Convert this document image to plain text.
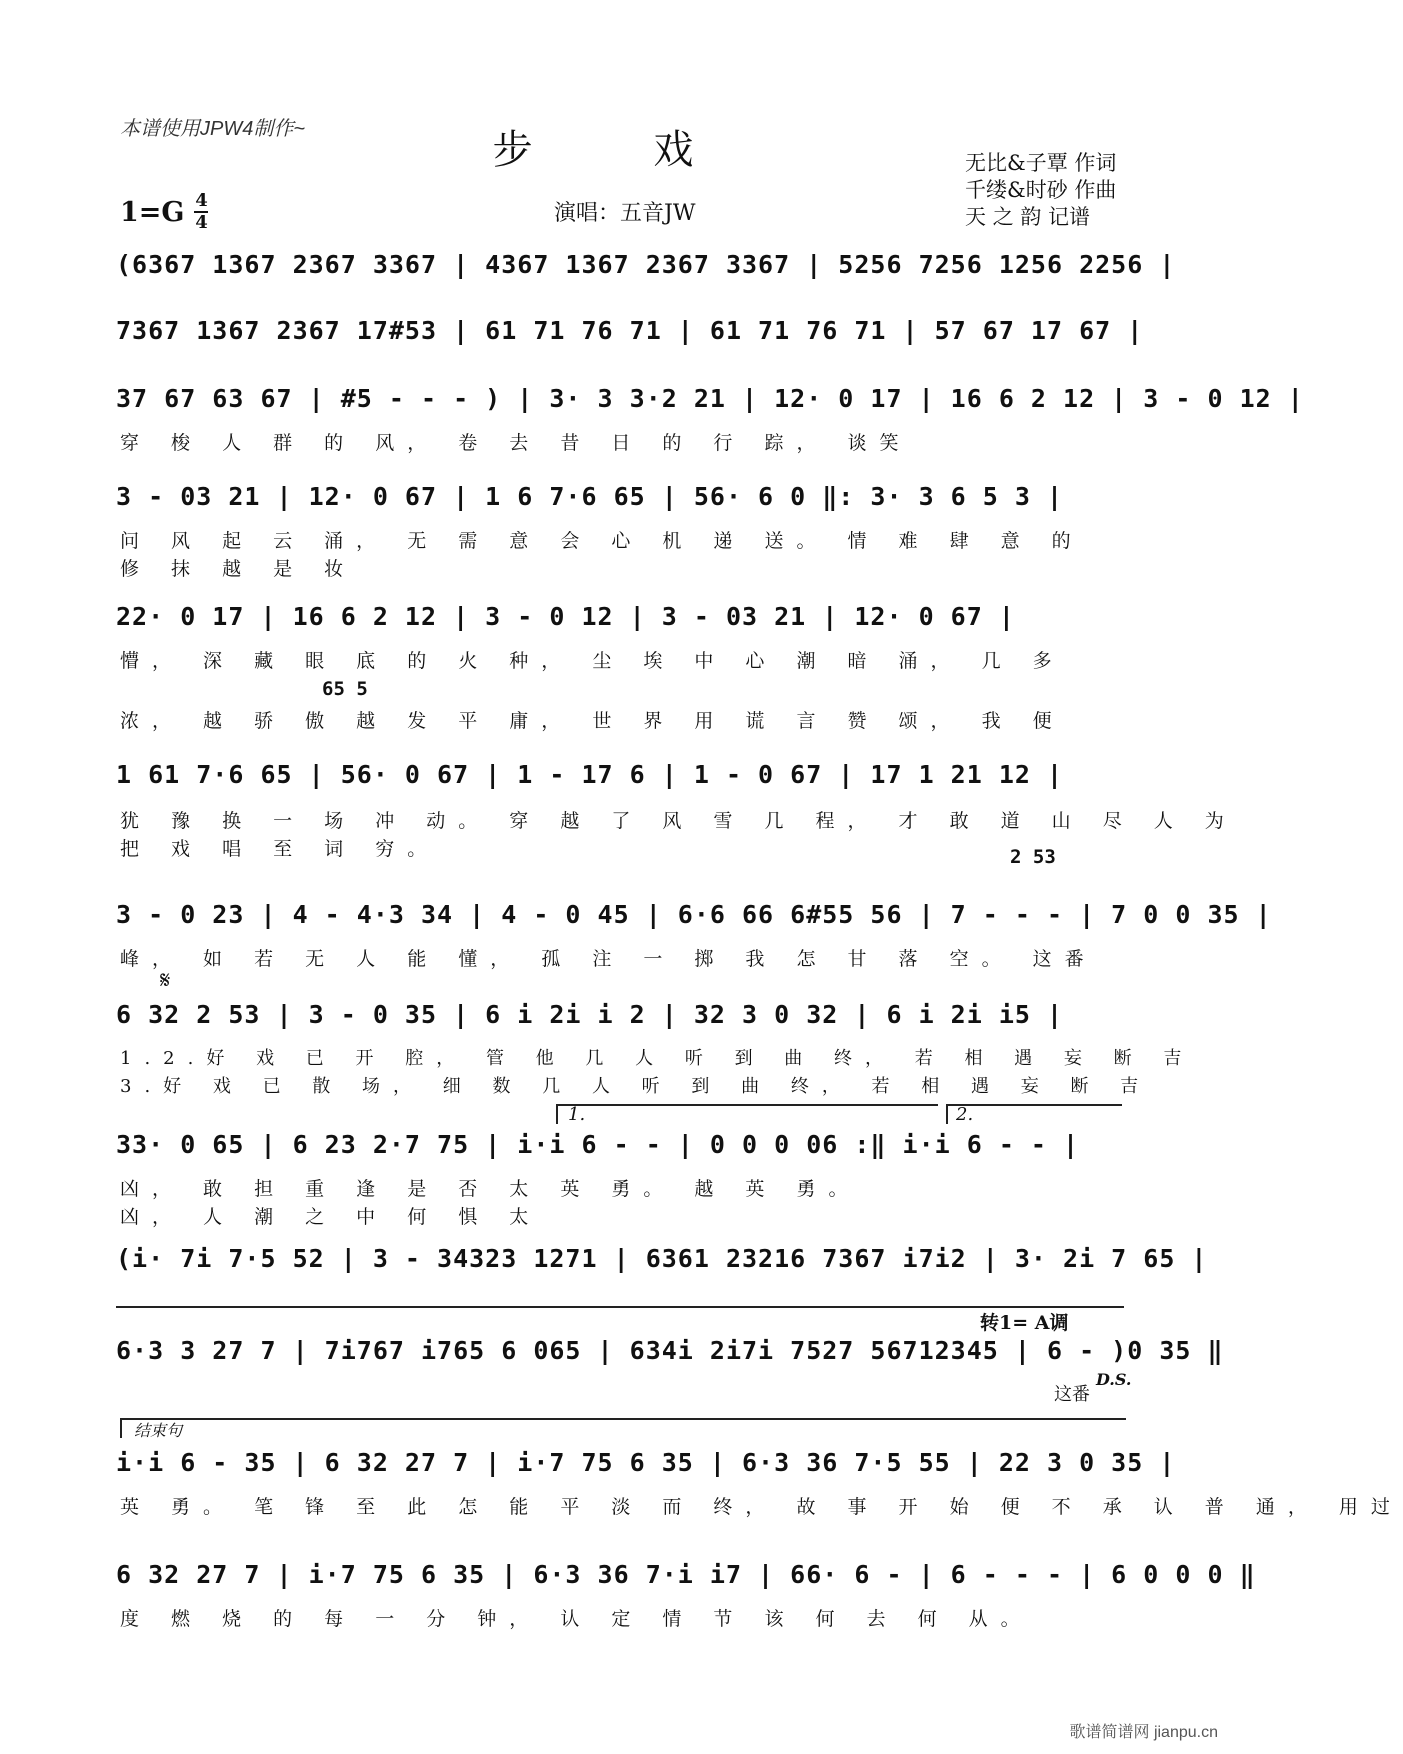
本谱使用JPW4制作~	步 戏	无比&子覃 作词
千缕&时砂 作曲
天 之 韵 记谱
$1=G \frac{4}{4}$	演唱：五音JW
(6367 1367 2367 3367 | 4367 1367 2367 3367 | 5256 7256 1256 2256 |
7367 1367 2367 17#53 | 61 71 76 71 | 61 71 76 71 | 57 67 17 67 |
37 67 63 67 | #5 - - - ) | 3· 3 3·2 21 | 12· 0 17 | 16 6 2 12 | 3 - 0 12 |
穿 梭 人 群 的 风， 卷 去 昔 日 的 行 踪， 谈笑
3 - 03 21 | 12· 0 67 | 1 6 7·6 65 | 56· 6 0 ‖: 3· 3 6 5 3 |
问 风 起 云 涌， 无 需 意 会 心 机 递 送。 情 难 肆 意 的
修 抹 越 是 妆
22· 0 17 | 16 6 2 12 | 3 - 0 12 | 3 - 03 21 | 12· 0 67 |
懵， 深 藏 眼 底 的 火 种， 尘 埃 中 心 潮 暗 涌， 几 多
65 5
浓， 越 骄 傲 越 发 平 庸， 世 界 用 谎 言 赞 颂， 我 便
1 61 7·6 65 | 56· 0 67 | 1 - 17 6 | 1 - 0 67 | 17 1 21 12 |
犹 豫 换 一 场 冲 动。 穿 越 了 风 雪 几 程， 才 敢 道 山 尽 人 为
把 戏 唱 至 词 穷。	2 53
3 - 0 23 | 4 - 4·3 34 | 4 - 0 45 | 6·6 66 6#55 56 | 7 - - - | 7 0 0 35 |
峰， 如 若 无 人 能 懂， 孤 注 一 掷 我 怎 甘 落 空。 这番
𝄋
6 32 2 53 | 3 - 0 35 | 6 i 2i i 2 | 32 3 0 32 | 6 i 2i i5 |
1.2.好 戏 已 开 腔， 管 他 几 人 听 到 曲 终， 若 相 遇 妄 断 吉
3.好 戏 已 散 场， 细 数 几 人 听 到 曲 终， 若 相 遇 妄 断 吉
1.	2.
33· 0 65 | 6 23 2·7 75 | i·i 6 - - | 0 0 0 06 :‖ i·i 6 - - |
凶， 敢 担 重 逢 是 否 太 英 勇。 越 英 勇。
凶， 人 潮 之 中 何 惧 太
(i· 7i 7·5 52 | 3 - 34323 1271 | 6361 23216 7367 i7i2 | 3· 2i 7 65 |
转1= A调
6·3 3 27 7 | 7i767 i765 6 065 | 634i 2i7i 7527 56712345 | 6 - )0 35 ‖
这番
D.S.
结束句
i·i 6 - 35 | 6 32 27 7 | i·7 75 6 35 | 6·3 36 7·5 55 | 22 3 0 35 |
英 勇。 笔 锋 至 此 怎 能 平 淡 而 终， 故 事 开 始 便 不 承 认 普 通， 用过
6 32 27 7 | i·7 75 6 35 | 6·3 36 7·i i7 | 66· 6 - | 6 - - - | 6 0 0 0 ‖
度 燃 烧 的 每 一 分 钟， 认 定 情 节 该 何 去 何 从。
歌谱简谱网 jianpu.cn
